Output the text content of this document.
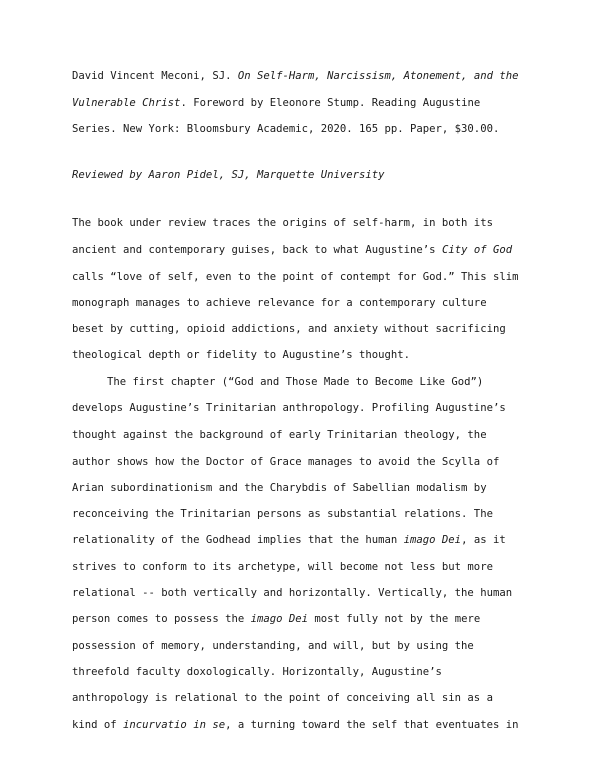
David Vincent Meconi, SJ. On Self-Harm, Narcissism, Atonement, and the
Vulnerable Christ. Foreword by Eleonore Stump. Reading Augustine
Series. New York: Bloomsbury Academic, 2020. 165 pp. Paper, $30.00.
Reviewed by Aaron Pidel, SJ, Marquette University
The book under review traces the origins of self-harm, in both its
ancient and contemporary guises, back to what Augustine’s City of God
calls “love of self, even to the point of contempt for God.” This slim
monograph manages to achieve relevance for a contemporary culture
beset by cutting, opioid addictions, and anxiety without sacrificing
theological depth or fidelity to Augustine’s thought.
The first chapter (“God and Those Made to Become Like God”)
develops Augustine’s Trinitarian anthropology. Profiling Augustine’s
thought against the background of early Trinitarian theology, the
author shows how the Doctor of Grace manages to avoid the Scylla of
Arian subordinationism and the Charybdis of Sabellian modalism by
reconceiving the Trinitarian persons as substantial relations. The
relationality of the Godhead implies that the human imago Dei, as it
strives to conform to its archetype, will become not less but more
relational -- both vertically and horizontally. Vertically, the human
person comes to possess the imago Dei most fully not by the mere
possession of memory, understanding, and will, but by using the
threefold faculty doxologically. Horizontally, Augustine’s
anthropology is relational to the point of conceiving all sin as a
kind of incurvatio in se, a turning toward the self that eventuates in
